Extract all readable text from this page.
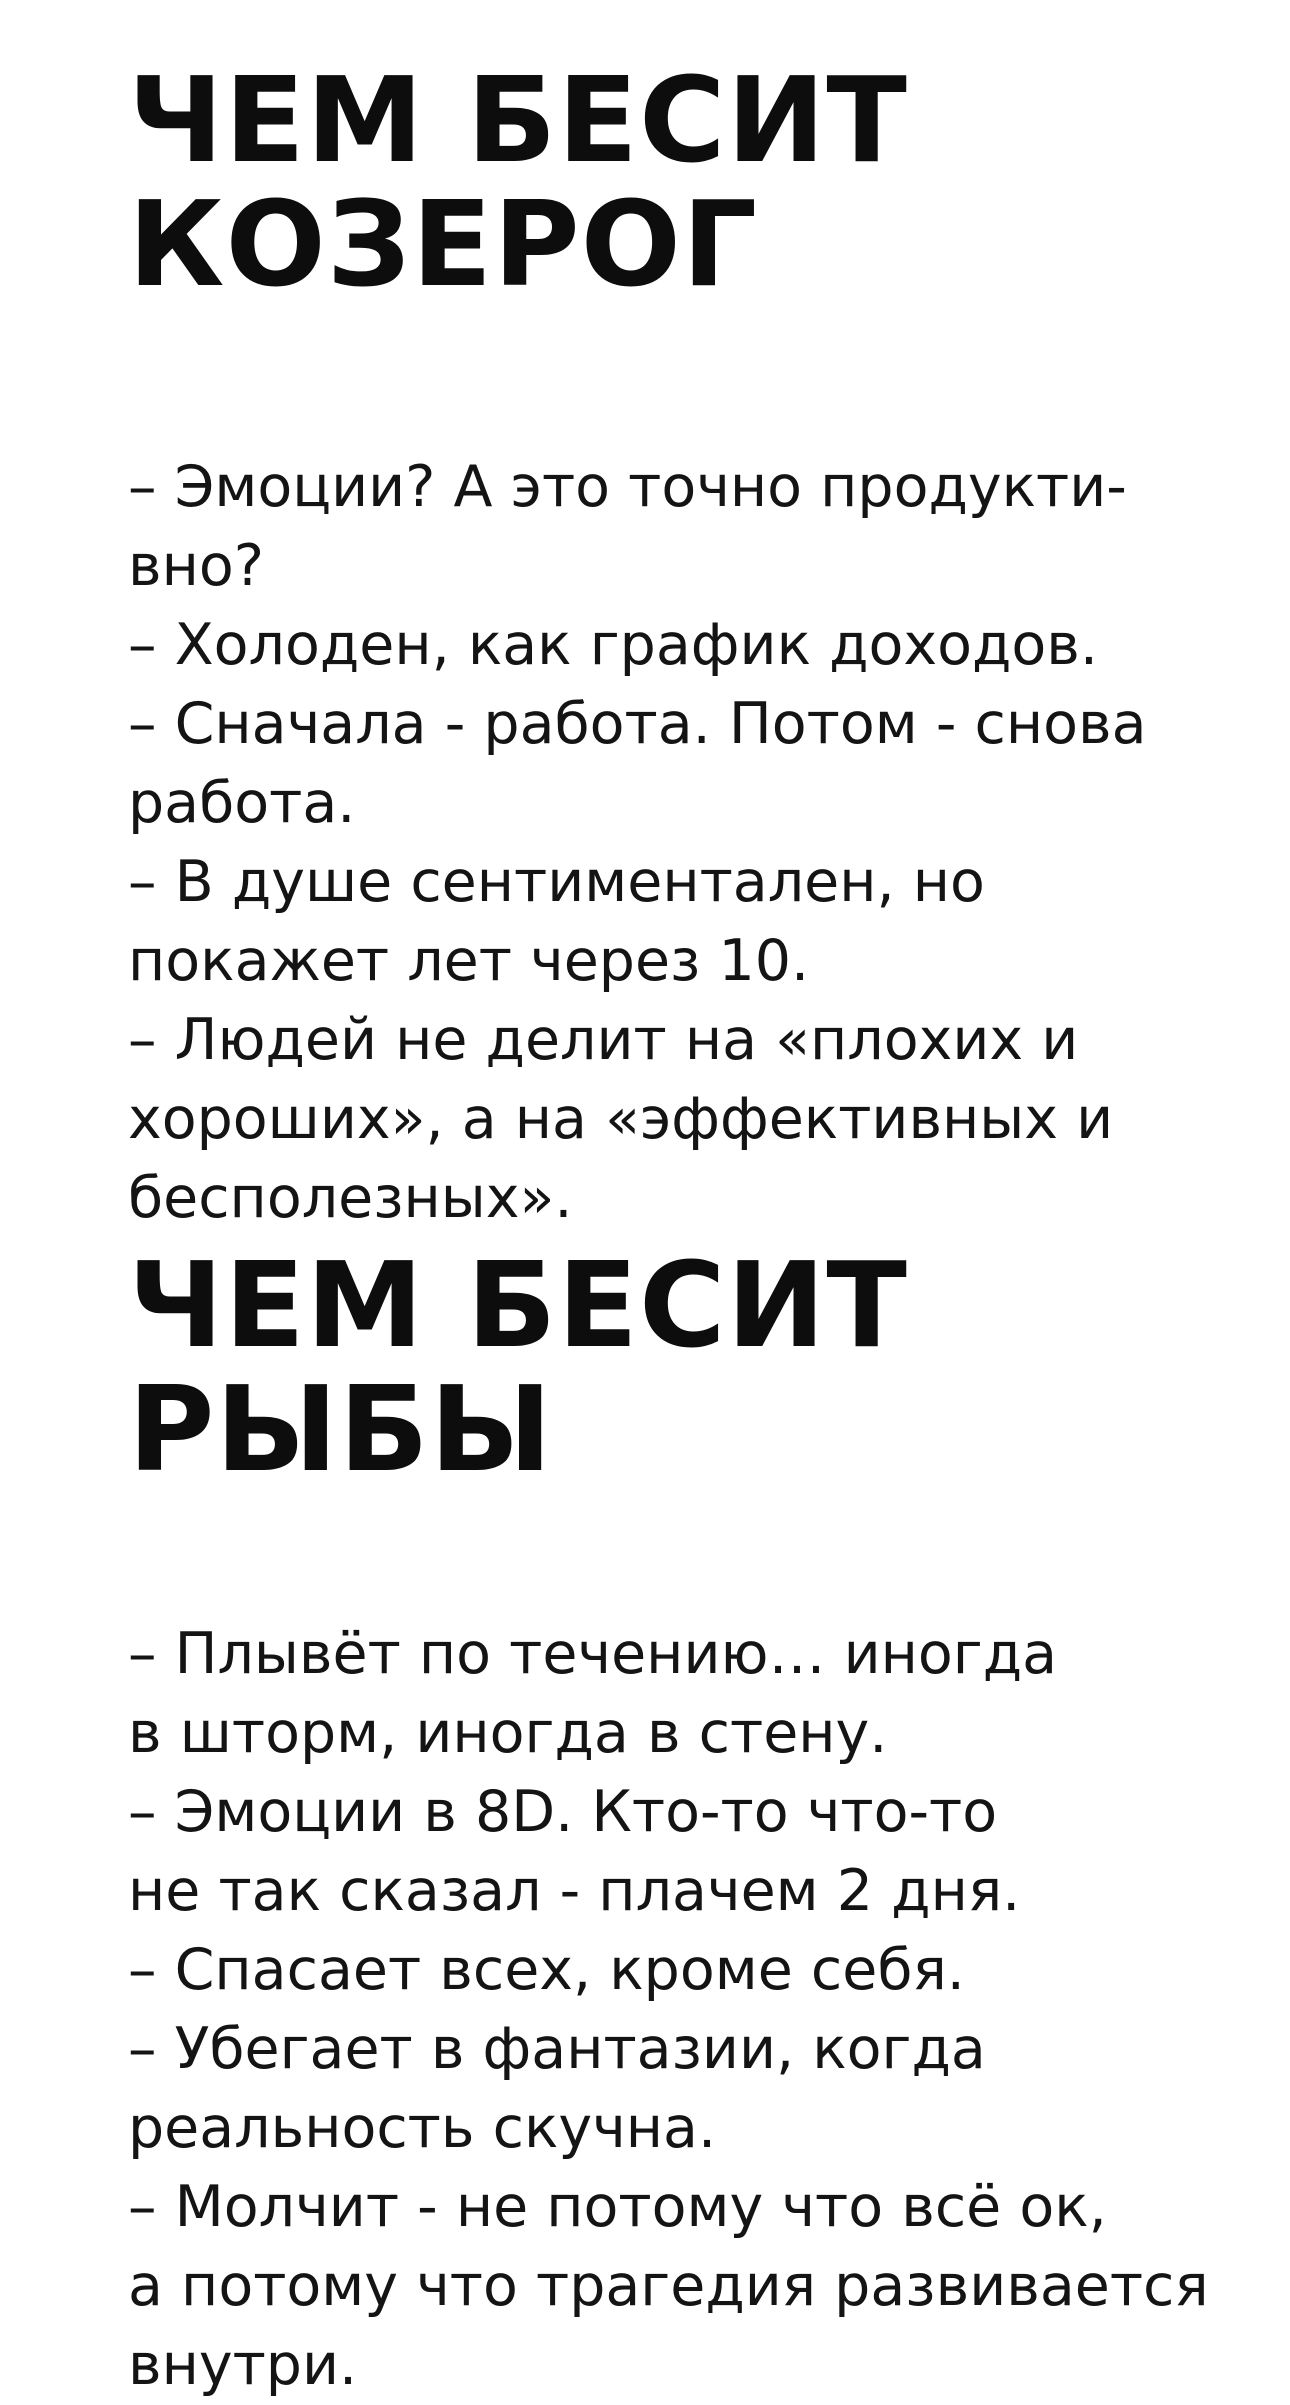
ЧЕМ БЕСИТ
КОЗЕРОГ
– Эмоции? А это точно продукти-
вно?
– Холоден, как график доходов.
– Сначала - работа. Потом - снова
работа.
– В душе сентиментален, но
покажет лет через 10.
– Людей не делит на «плохих и
хороших», а на «эффективных и
бесполезных».
ЧЕМ БЕСИТ
РЫБЫ
– Плывёт по течению… иногда
в шторм, иногда в стену.
– Эмоции в 8D. Кто-то что-то
не так сказал - плачем 2 дня.
– Спасает всех, кроме себя.
– Убегает в фантазии, когда
реальность скучна.
– Молчит - не потому что всё ок,
а потому что трагедия развивается
внутри.
